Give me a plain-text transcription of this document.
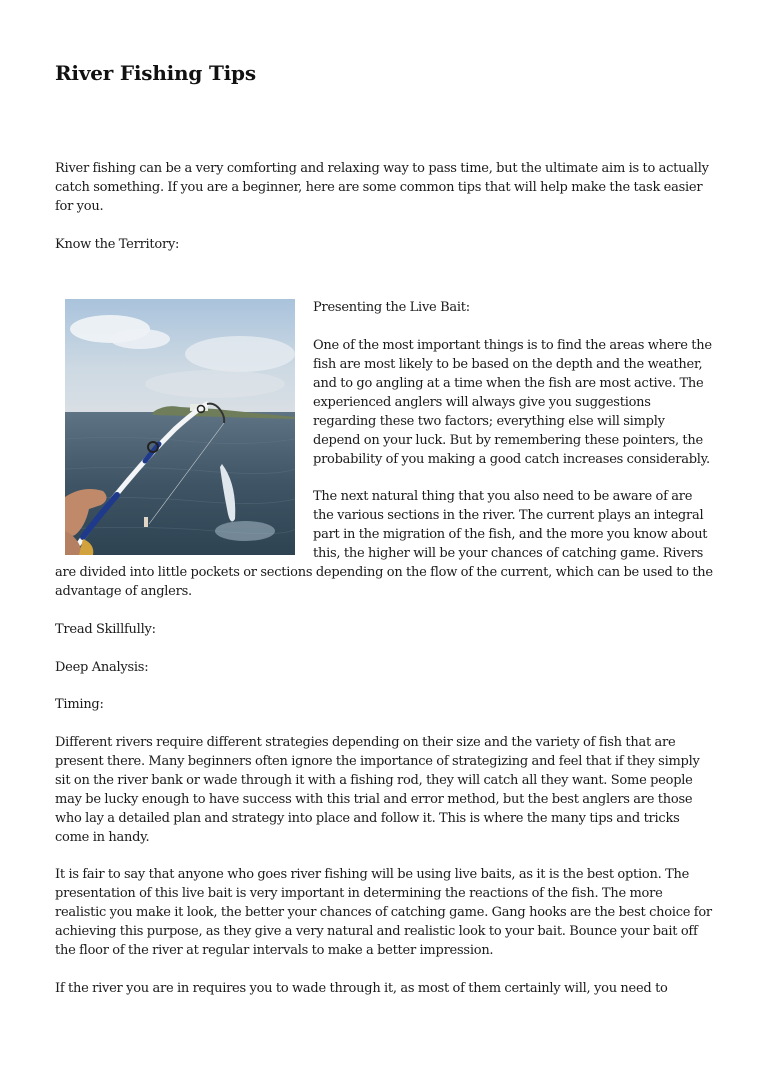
River Fishing Tips

River fishing can be a very comforting and relaxing way to pass time, but the ultimate aim is to actually catch something. If you are a beginner, here are some common tips that will help make the task easier for you.

Know the Territory:

Presenting the Live Bait:

One of the most important things is to find the areas where the fish are most likely to be based on the depth and the weather, and to go angling at a time when the fish are most active. The experienced anglers will always give you suggestions regarding these two factors; everything else will simply depend on your luck. But by remembering these pointers, the probability of you making a good catch increases considerably.

The next natural thing that you also need to be aware of are the various sections in the river. The current plays an integral part in the migration of the fish, and the more you know about this, the higher will be your chances of catching game. Rivers are divided into little pockets or sections depending on the flow of the current, which can be used to the advantage of anglers.

Tread Skillfully:

Deep Analysis:

Timing:

Different rivers require different strategies depending on their size and the variety of fish that are present there. Many beginners often ignore the importance of strategizing and feel that if they simply sit on the river bank or wade through it with a fishing rod, they will catch all they want. Some people may be lucky enough to have success with this trial and error method, but the best anglers are those who lay a detailed plan and strategy into place and follow it. This is where the many tips and tricks come in handy.

It is fair to say that anyone who goes river fishing will be using live baits, as it is the best option. The presentation of this live bait is very important in determining the reactions of the fish. The more realistic you make it look, the better your chances of catching game. Gang hooks are the best choice for achieving this purpose, as they give a very natural and realistic look to your bait. Bounce your bait off the floor of the river at regular intervals to make a better impression.

If the river you are in requires you to wade through it, as most of them certainly will, you need to
